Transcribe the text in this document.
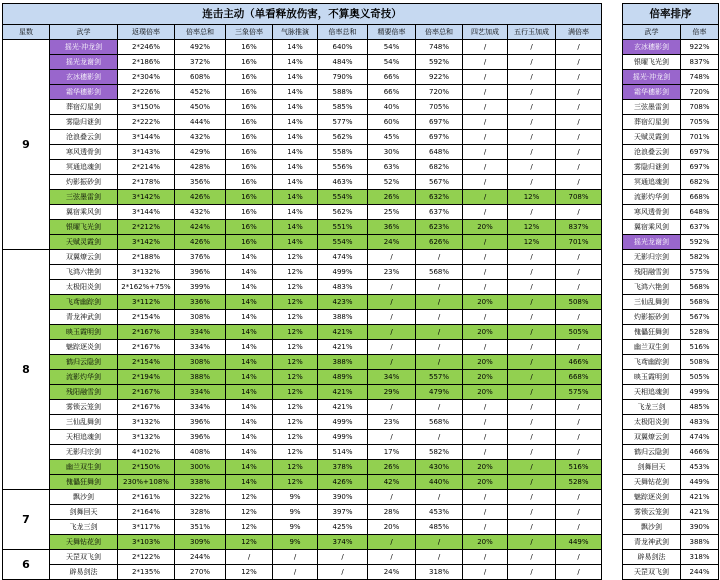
连击主动（单看释放伤害，不算奥义奇技）											
星数	武学	返璞倍率	倍率总和	三象倍率	气脉推演	倍率总和	精要倍率	倍率总和	四艺加成	五行玉加成	满倍率
9	摇光·冲龙剑	2*246%	492%	16%	14%	640%	54%	748%	/	/	/
	摇光龙谢剑	2*186%	372%	16%	14%	484%	54%	592%	/	/	/
	玄冰穗影剑	2*304%	608%	16%	14%	790%	66%	922%	/	/	/
	霜华穗影剑	2*226%	452%	16%	14%	588%	66%	720%	/	/	/
	葬宿幻星剑	3*150%	450%	16%	14%	585%	40%	705%	/	/	/
	雾隐归谜剑	2*222%	444%	16%	14%	577%	60%	697%	/	/	/
	沧浪叠云剑	3*144%	432%	16%	14%	562%	45%	697%	/	/	/
	寒风透骨剑	3*143%	429%	16%	14%	558%	30%	648%	/	/	/
	冥通追魂剑	2*214%	428%	16%	14%	556%	63%	682%	/	/	/
	灼影振砂剑	2*178%	356%	16%	14%	463%	52%	567%	/	/	/
	三弦墨雷剑	3*142%	426%	16%	14%	554%	26%	632%	/	12%	708%
	翼宿乘风剑	3*144%	432%	16%	14%	562%	25%	637%	/	/	/
	银曜飞光剑	2*212%	424%	16%	14%	551%	36%	623%	20%	12%	837%
	天赋灵霞剑	3*142%	426%	16%	14%	554%	24%	626%	/	12%	701%
8	双翼燎云剑	2*188%	376%	14%	12%	474%	/	/	/	/	/
	飞鸿六艳剑	3*132%	396%	14%	12%	499%	23%	568%	/	/	/
	太极阳炎剑	2*162%+75%	399%	14%	12%	483%	/	/	/	/	/
	飞鸢幽踪剑	3*112%	336%	14%	12%	423%	/	/	20%	/	508%
	青龙神武剑	2*154%	308%	14%	12%	388%	/	/	/	/	/
	映玉霞明剑	2*167%	334%	14%	12%	421%	/	/	20%	/	505%
	魅踪逐炎剑	2*167%	334%	14%	12%	421%	/	/	/	/	/
	鹤归云隐剑	2*154%	308%	14%	12%	388%	/	/	20%	/	466%
	流影灼华剑	2*194%	388%	14%	12%	489%	34%	557%	20%	/	668%
	残阳融雪剑	2*167%	334%	14%	12%	421%	29%	479%	20%	/	575%
	雾锁云笼剑	2*167%	334%	14%	12%	421%	/	/	/	/	/
	三仙乱舞剑	3*132%	396%	14%	12%	499%	23%	568%	/	/	/
	天相追魂剑	3*132%	396%	14%	12%	499%	/	/	/	/	/
	无影归宗剑	4*102%	408%	14%	12%	514%	17%	582%	/	/	/
	幽兰双生剑	2*150%	300%	14%	12%	378%	26%	430%	20%	/	516%
	傀儡狂舞剑	230%+108%	338%	14%	12%	426%	42%	440%	20%	/	528%
7	飘沙剑	2*161%	322%	12%	9%	390%	/	/	/	/	/
	剑舞回天	2*164%	328%	12%	9%	397%	28%	453%	/	/	/
	飞龙三剑	3*117%	351%	12%	9%	425%	20%	485%	/	/	/
	天舞钻花剑	3*103%	309%	12%	9%	374%	/	/	20%	/	449%
6	天罡双飞剑	2*122%	244%	/	/	/	/	/	/	/	/
	辟易剑法	2*135%	270%	12%	/	/	24%	318%	/	/	/
倍率排序	
武学	倍率
玄冰穗影剑	922%
银曜飞光剑	837%
摇光·冲龙剑	748%
霜华穗影剑	720%
三弦墨雷剑	708%
葬宿幻星剑	705%
天赋灵霞剑	701%
沧浪叠云剑	697%
雾隐归谜剑	697%
冥通追魂剑	682%
流影灼华剑	668%
寒风透骨剑	648%
翼宿乘风剑	637%
摇光龙谢剑	592%
无影归宗剑	582%
残阳融雪剑	575%
飞鸿六艳剑	568%
三仙乱舞剑	568%
灼影振砂剑	567%
傀儡狂舞剑	528%
幽兰双生剑	516%
飞鸢幽踪剑	508%
映玉霞明剑	505%
天相追魂剑	499%
飞龙三剑	485%
太极阳炎剑	483%
双翼燎云剑	474%
鹤归云隐剑	466%
剑舞回天	453%
天舞钻花剑	449%
魅踪逐炎剑	421%
雾锁云笼剑	421%
飘沙剑	390%
青龙神武剑	388%
辟易剑法	318%
天罡双飞剑	244%
